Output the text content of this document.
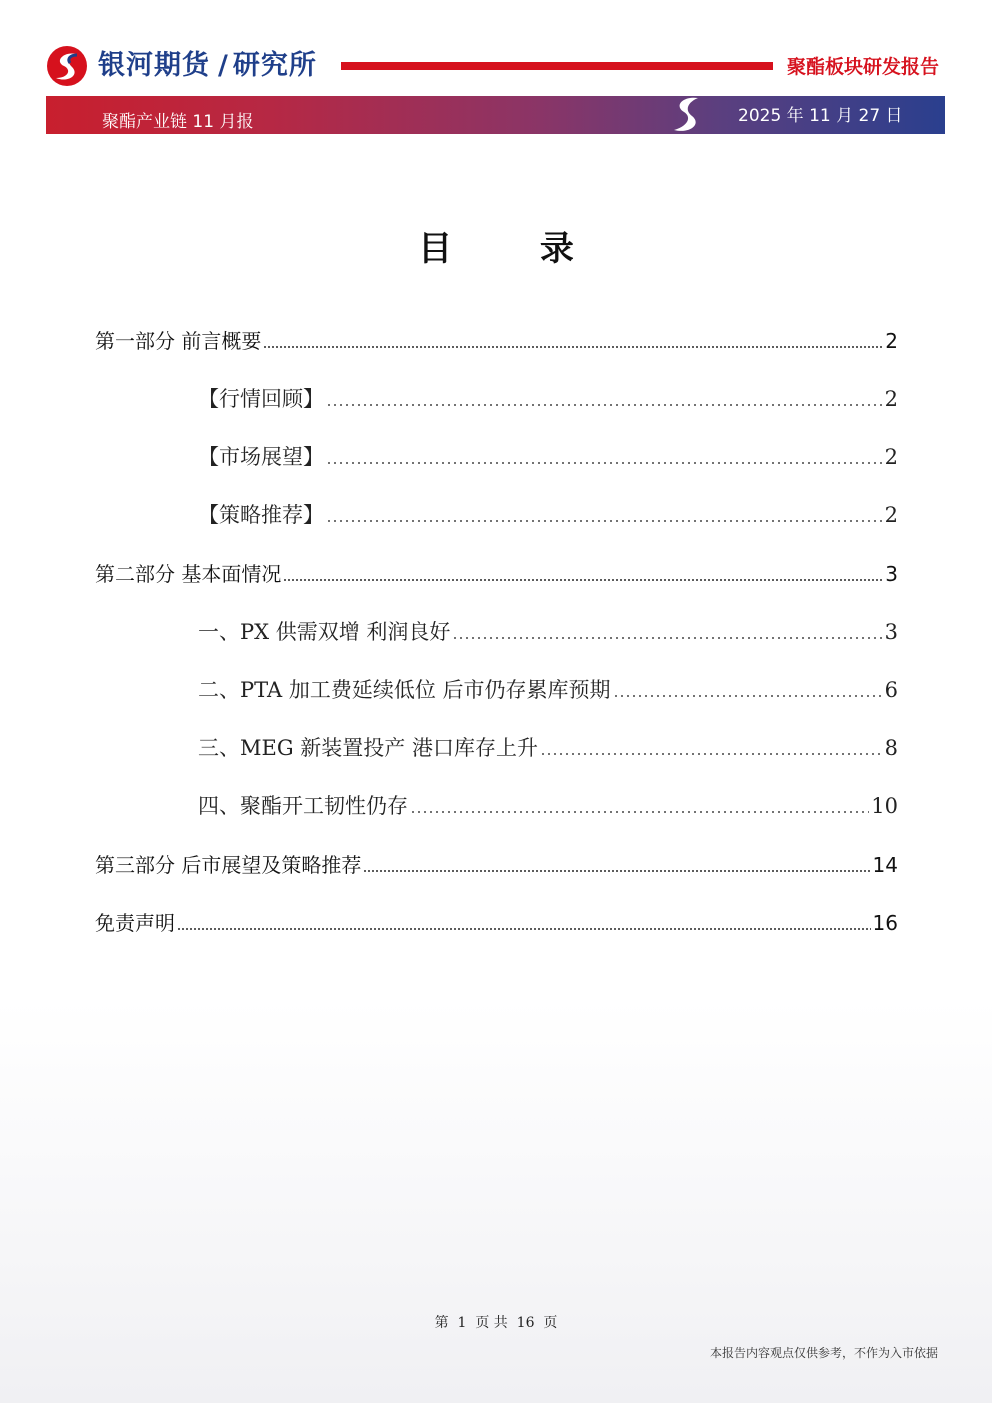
银河期货 / 研究所	聚酯板块研发报告
聚酯产业链 11 月报	2025 年 11 月 27 日
目 录
第一部分 前言概要	2
【行情回顾】	2
【市场展望】	2
【策略推荐】	2
第二部分 基本面情况	3
一、PX 供需双增 利润良好	3
二、PTA 加工费延续低位 后市仍存累库预期	6
三、MEG 新装置投产 港口库存上升	8
四、聚酯开工韧性仍存	10
第三部分 后市展望及策略推荐	14
免责声明	16
第  1  页 共  16  页
本报告内容观点仅供参考，不作为入市依据
